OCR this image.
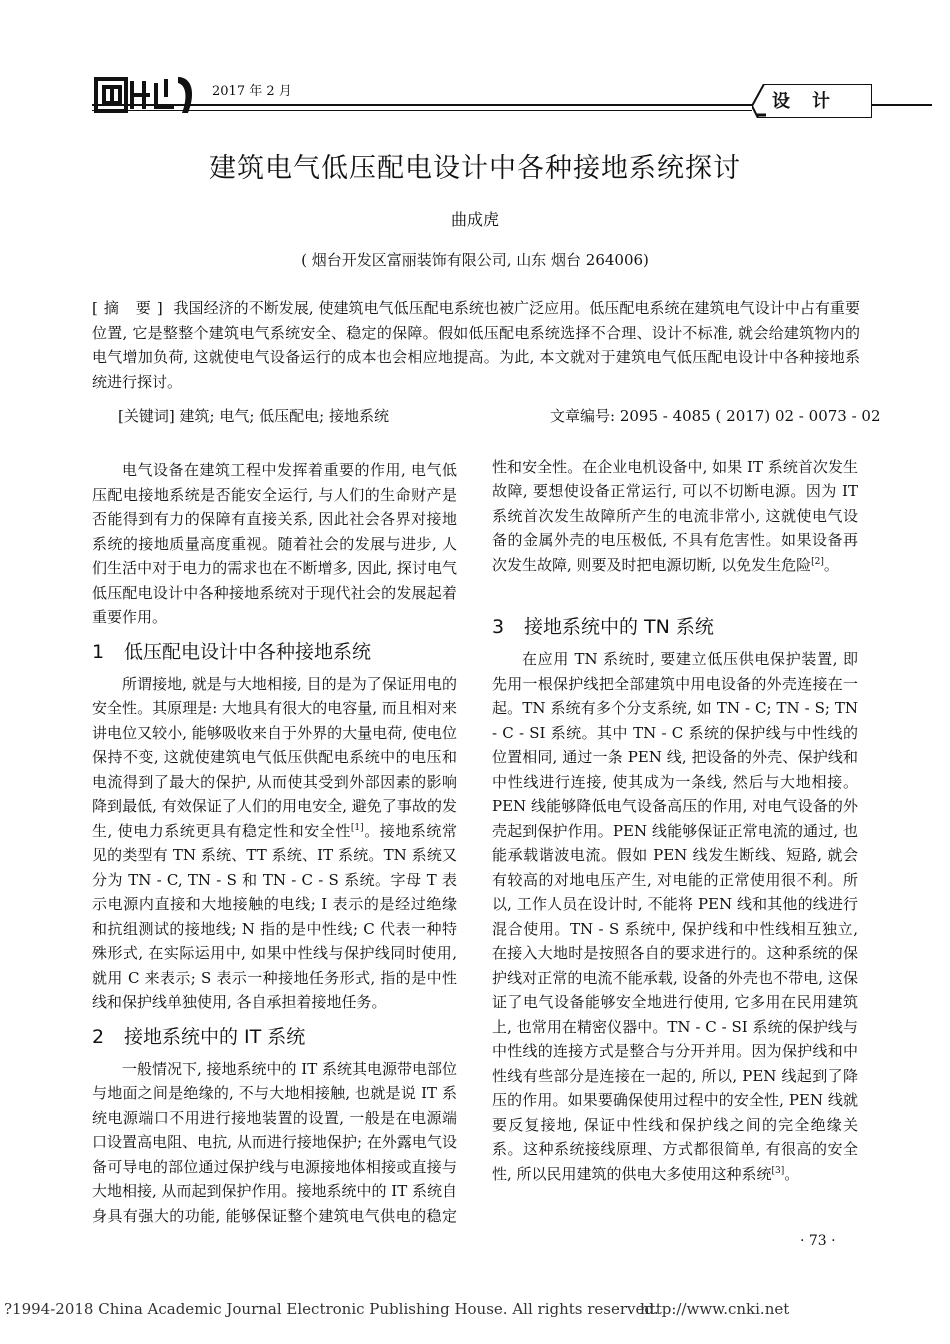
2017 年 2 月	设计
建筑电气低压配电设计中各种接地系统探讨
曲成虎
( 烟台开发区富丽装饰有限公司, 山东 烟台 264006)
[摘 要] 我国经济的不断发展, 使建筑电气低压配电系统也被广泛应用。低压配电系统在建筑电气设计中占有重要位置, 它是整整个建筑电气系统安全、稳定的保障。假如低压配电系统选择不合理、设计不标准, 就会给建筑物内的电气增加负荷, 这就使电气设备运行的成本也会相应地提高。为此, 本文就对于建筑电气低压配电设计中各种接地系统进行探讨。
[关键词] 建筑; 电气; 低压配电; 接地系统	文章编号: 2095 - 4085 ( 2017) 02 - 0073 - 02

电气设备在建筑工程中发挥着重要的作用, 电气低压配电接地系统是否能安全运行, 与人们的生命财产是否能得到有力的保障有直接关系, 因此社会各界对接地系统的接地质量高度重视。随着社会的发展与进步, 人们生活中对于电力的需求也在不断增多, 因此, 探讨电气低压配电设计中各种接地系统对于现代社会的发展起着重要作用。

1 低压配电设计中各种接地系统

所谓接地, 就是与大地相接, 目的是为了保证用电的安全性。其原理是: 大地具有很大的电容量, 而且相对来讲电位又较小, 能够吸收来自于外界的大量电荷, 使电位保持不变, 这就使建筑电气低压供配电系统中的电压和电流得到了最大的保护, 从而使其受到外部因素的影响降到最低, 有效保证了人们的用电安全, 避免了事故的发生, 使电力系统更具有稳定性和安全性[1]。接地系统常见的类型有 TN 系统、TT 系统、IT 系统。TN 系统又分为 TN - C, TN - S 和 TN - C - S 系统。字母 T 表示电源内直接和大地接触的电线; I 表示的是经过绝缘和抗组测试的接地线; N 指的是中性线; C 代表一种特殊形式, 在实际运用中, 如果中性线与保护线同时使用, 就用 C 来表示; S 表示一种接地任务形式, 指的是中性线和保护线单独使用, 各自承担着接地任务。

2 接地系统中的 IT 系统

一般情况下, 接地系统中的 IT 系统其电源带电部位与地面之间是绝缘的, 不与大地相接触, 也就是说 IT 系统电源端口不用进行接地装置的设置, 一般是在电源端口设置高电阻、电抗, 从而进行接地保护; 在外露电气设备可导电的部位通过保护线与电源接地体相接或直接与大地相接, 从而起到保护作用。接地系统中的 IT 系统自身具有强大的功能, 能够保证整个建筑电气供电的稳定

性和安全性。在企业电机设备中, 如果 IT 系统首次发生故障, 要想使设备正常运行, 可以不切断电源。因为 IT 系统首次发生故障所产生的电流非常小, 这就使电气设备的金属外壳的电压极低, 不具有危害性。如果设备再次发生故障, 则要及时把电源切断, 以免发生危险[2]。

3 接地系统中的 TN 系统

在应用 TN 系统时, 要建立低压供电保护装置, 即先用一根保护线把全部建筑中用电设备的外壳连接在一起。TN 系统有多个分支系统, 如 TN - C; TN - S; TN - C - SI 系统。其中 TN - C 系统的保护线与中性线的位置相同, 通过一条 PEN 线, 把设备的外壳、保护线和中性线进行连接, 使其成为一条线, 然后与大地相接。PEN 线能够降低电气设备高压的作用, 对电气设备的外壳起到保护作用。PEN 线能够保证正常电流的通过, 也能承载谐波电流。假如 PEN 线发生断线、短路, 就会有较高的对地电压产生, 对电能的正常使用很不利。所以, 工作人员在设计时, 不能将 PEN 线和其他的线进行混合使用。TN - S 系统中, 保护线和中性线相互独立, 在接入大地时是按照各自的要求进行的。这种系统的保护线对正常的电流不能承载, 设备的外壳也不带电, 这保证了电气设备能够安全地进行使用, 它多用在民用建筑上, 也常用在精密仪器中。TN - C - SI 系统的保护线与中性线的连接方式是整合与分开并用。因为保护线和中性线有些部分是连接在一起的, 所以, PEN 线起到了降压的作用。如果要确保使用过程中的安全性, PEN 线就要反复接地, 保证中性线和保护线之间的完全绝缘关系。这种系统接线原理、方式都很简单, 有很高的安全性, 所以民用建筑的供电大多使用这种系统[3]。

· 73 ·
?1994-2018 China Academic Journal Electronic Publishing House. All rights reserved.
http://www.cnki.net
